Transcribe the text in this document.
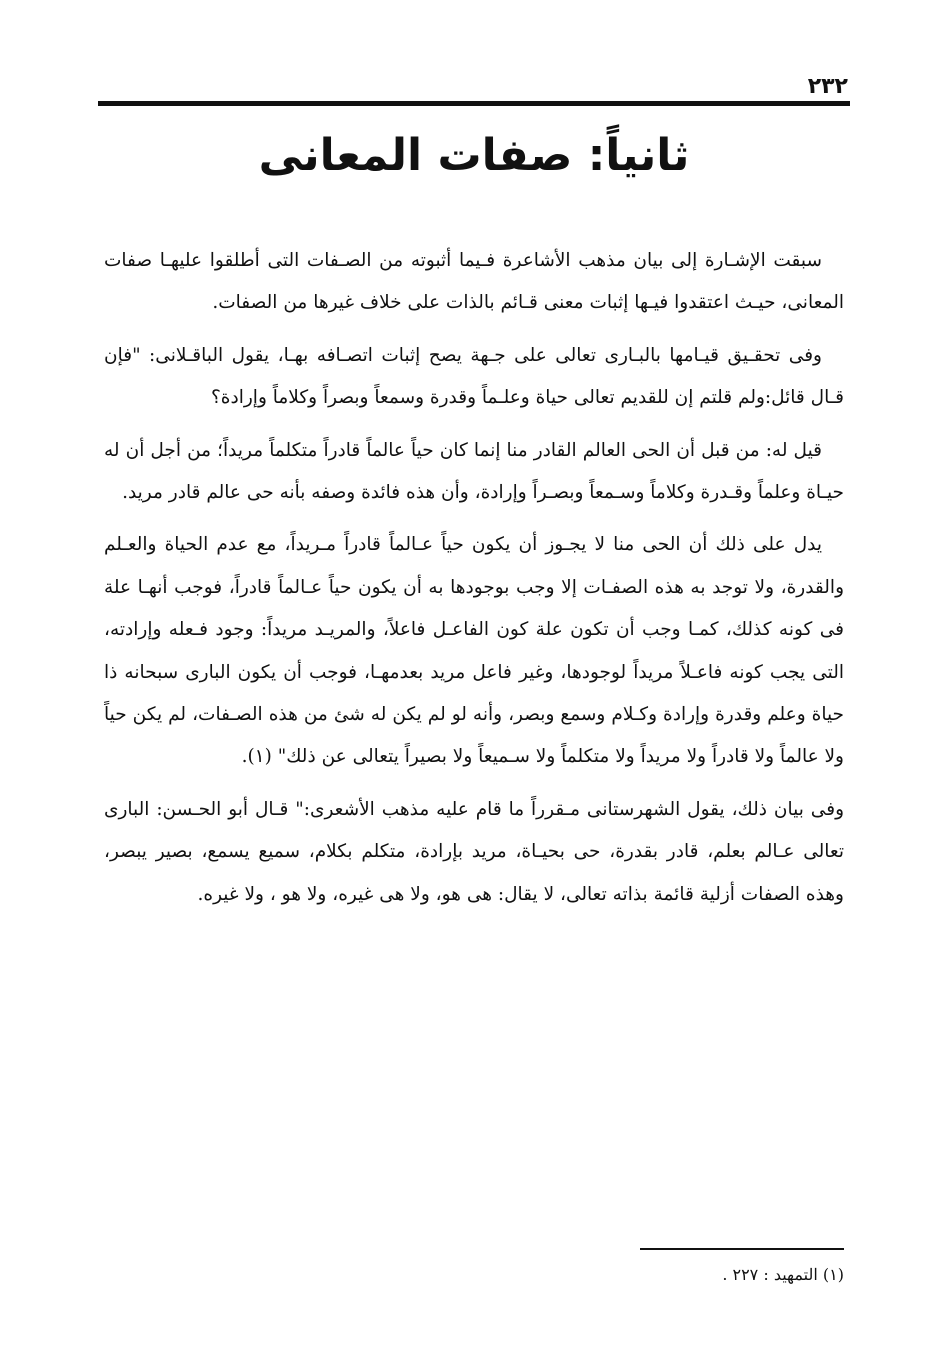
٢٣٢
ثانياً: صفات المعانى

سبقت الإشـارة إلى بيان مذهب الأشاعرة فـيما أثبوته من الصـفات التى أطلقوا عليهـا صفات المعانى، حيـث اعتقدوا فيـها إثبات معنى قـائم بالذات على خلاف غيرها من الصفات.

وفى تحقـيق قيـامها بالبـارى تعالى على جـهة يصح إثبات اتصـافه بهـا، يقول الباقـلانى: "فإن قـال قائل:ولم قلتم إن للقديم تعالى حياة وعلـماً وقدرة وسمعاً وبصراً وكلاماً وإرادة؟

قيل له: من قبل أن الحى العالم القادر منا إنما كان حياً عالماً قادراً متكلماً مريداً؛ من أجل أن له حيـاة وعلماً وقـدرة وكلاماً وسـمعاً وبصـراً وإرادة، وأن هذه فائدة وصفه بأنه حى عالم قادر مريد.

يدل على ذلك أن الحى منا لا يجـوز أن يكون حياً عـالماً قادراً مـريداً، مع عدم الحياة والعـلم والقدرة، ولا توجد به هذه الصفـات إلا وجب بوجودها به أن يكون حياً عـالماً قادراً، فوجب أنهـا علة فى كونه كذلك، كمـا وجب أن تكون علة كون الفاعـل فاعلاً، والمريـد مريداً: وجود فـعله وإرادته، التى يجب كونه فاعـلاً مريداً لوجودها، وغير فاعل مريد بعدمهـا، فوجب أن يكون البارى سبحانه ذا حياة وعلم وقدرة وإرادة وكـلام وسمع وبصر، وأنه لو لم يكن له شئ من هذه الصـفات، لم يكن حياً ولا عالماً ولا قادراً ولا مريداً ولا متكلماً ولا سـميعاً ولا بصيراً يتعالى عن ذلك" (١).

وفى بيان ذلك، يقول الشهرستانى مـقرراً ما قام عليه مذهب الأشعرى:" قـال أبو الحـسن: البارى تعالى عـالم بعلم، قادر بقدرة، حى بحيـاة، مريد بإرادة، متكلم بكلام، سميع يسمع، بصير يبصر، وهذه الصفات أزلية قائمة بذاته تعالى، لا يقال: هى هو، ولا هى غيره، ولا هو ، ولا غيره.

(١) التمهيد : ٢٢٧ .
